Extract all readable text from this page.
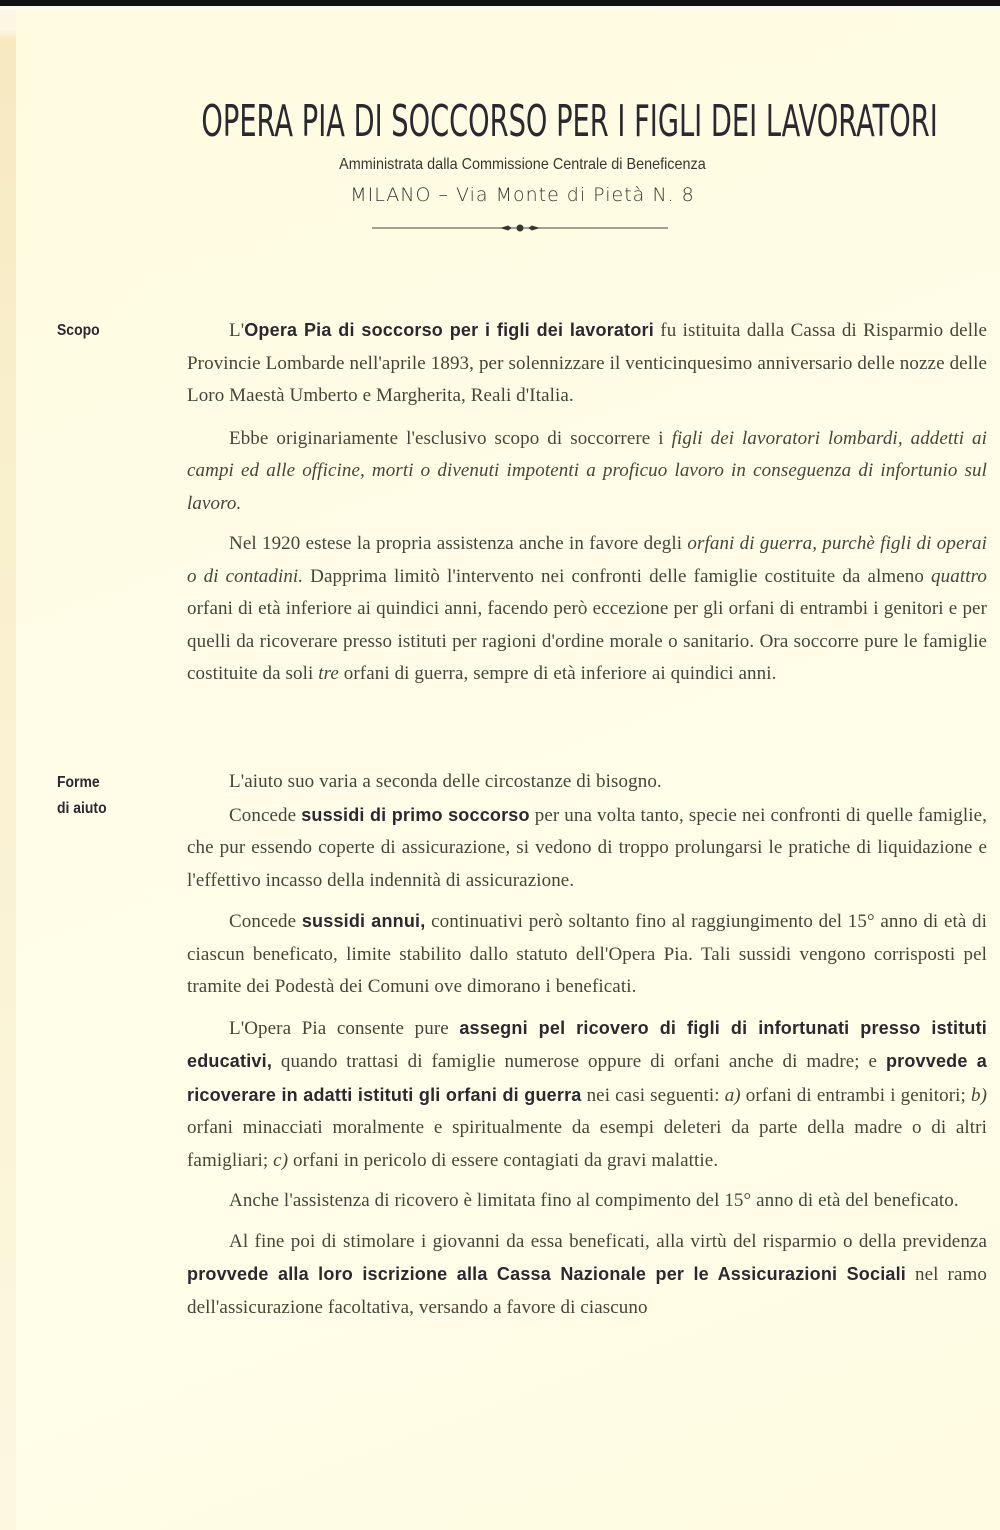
OPERA PIA DI SOCCORSO PER I FIGLI DEI LAVORATORI
Amministrata dalla Commissione Centrale di Beneficenza
MILANO – Via Monte di Pietà N. 8
Scopo	L'Opera Pia di soccorso per i figli dei lavoratori fu istituita dalla Cassa di Risparmio delle Provincie Lombarde nell'aprile 1893, per solennizzare il venticinquesimo anniversario delle nozze delle Loro Maestà Umberto e Margherita, Reali d'Italia.

Ebbe originariamente l'esclusivo scopo di soccorrere i figli dei lavoratori lombardi, addetti ai campi ed alle officine, morti o divenuti impotenti a proficuo lavoro in conseguenza di infortunio sul lavoro.

Nel 1920 estese la propria assistenza anche in favore degli orfani di guerra, purchè figli di operai o di contadini. Dapprima limitò l'intervento nei confronti delle famiglie costituite da almeno quattro orfani di età inferiore ai quindici anni, facendo però eccezione per gli orfani di entrambi i genitori e per quelli da ricoverare presso istituti per ragioni d'ordine morale o sanitario. Ora soccorre pure le famiglie costituite da soli tre orfani di guerra, sempre di età inferiore ai quindici anni.

Forme
di aiuto

L'aiuto suo varia a seconda delle circostanze di bisogno.

Concede sussidi di primo soccorso per una volta tanto, specie nei confronti di quelle famiglie, che pur essendo coperte di assicurazione, si vedono di troppo prolungarsi le pratiche di liquidazione e l'effettivo incasso della indennità di assicurazione.

Concede sussidi annui, continuativi però soltanto fino al raggiungimento del 15° anno di età di ciascun beneficato, limite stabilito dallo statuto dell'Opera Pia. Tali sussidi vengono corrisposti pel tramite dei Podestà dei Comuni ove dimorano i beneficati.

L'Opera Pia consente pure assegni pel ricovero di figli di infortunati presso istituti educativi, quando trattasi di famiglie numerose oppure di orfani anche di madre; e provvede a ricoverare in adatti istituti gli orfani di guerra nei casi seguenti: a) orfani di entrambi i genitori; b) orfani minacciati moralmente e spiritualmente da esempi deleteri da parte della madre o di altri famigliari; c) orfani in pericolo di essere contagiati da gravi malattie.

Anche l'assistenza di ricovero è limitata fino al compimento del 15° anno di età del beneficato.

Al fine poi di stimolare i giovanni da essa beneficati, alla virtù del risparmio o della previdenza provvede alla loro iscrizione alla Cassa Nazionale per le Assicurazioni Sociali nel ramo dell'assicurazione facoltativa, versando a favore di ciascuno
